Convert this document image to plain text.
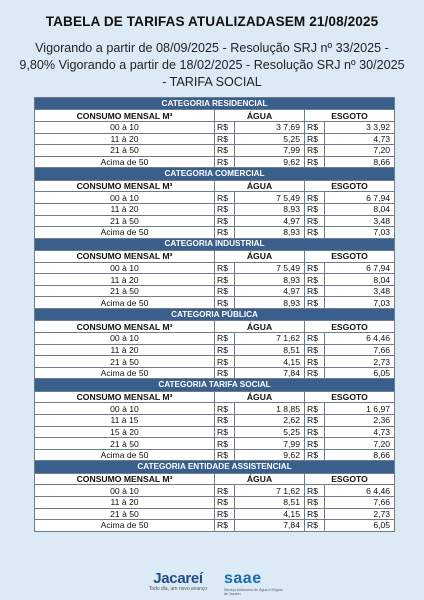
TABELA DE TARIFAS ATUALIZADASEM 21/08/2025
Vigorando a partir de 08/09/2025 - Resolução SRJ nº 33/2025 - 9,80% Vigorando a partir de 18/02/2025 - Resolução SRJ nº 30/2025 - TARIFA SOCIAL
CATEGORIA RESIDENCIAL				
CONSUMO MENSAL M³	ÁGUA		ESGOTO	
00 à 10	R$	3 7,69	R$	3 3,92
11 à 20	R$	5,25	R$	4,73
21 à 50	R$	7,99	R$	7,20
Acima de 50	R$	9,62	R$	8,66
CATEGORIA COMERCIAL				
CONSUMO MENSAL M³	ÁGUA		ESGOTO	
00 à 10	R$	7 5,49	R$	6 7,94
11 à 20	R$	8,93	R$	8,04
21 à 50	R$	4,97	R$	3,48
Acima de 50	R$	8,93	R$	7,03
CATEGORIA INDUSTRIAL				
CONSUMO MENSAL M³	ÁGUA		ESGOTO	
00 à 10	R$	7 5,49	R$	6 7,94
11 à 20	R$	8,93	R$	8,04
21 à 50	R$	4,97	R$	3,48
Acima de 50	R$	8,93	R$	7,03
CATEGORIA PÚBLICA				
CONSUMO MENSAL M³	ÁGUA		ESGOTO	
00 à 10	R$	7 1,62	R$	6 4,46
11 à 20	R$	8,51	R$	7,66
21 à 50	R$	4,15	R$	2,73
Acima de 50	R$	7,84	R$	6,05
CATEGORIA TARIFA SOCIAL				
CONSUMO MENSAL M³	ÁGUA		ESGOTO	
00 à 10	R$	1 8,85	R$	1 6,97
11 à 15	R$	2,62	R$	2,36
15 à 20	R$	5,25	R$	4,73
21 à 50	R$	7,99	R$	7,20
Acima de 50	R$	9,62	R$	8,66
CATEGORIA ENTIDADE ASSISTENCIAL				
CONSUMO MENSAL M³	ÁGUA		ESGOTO	
00 à 10	R$	7 1,62	R$	6 4,46
11 à 20	R$	8,51	R$	7,66
21 à 50	R$	4,15	R$	2,73
Acima de 50	R$	7,84	R$	6,05
Jacareí
Todo dia, um novo avanço
saae
Serviço Autônomo de Água e Esgoto de Jacareí
